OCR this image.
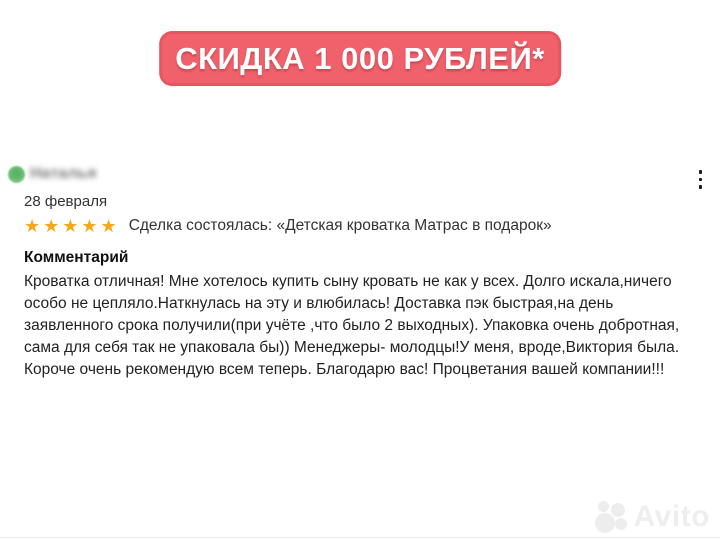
СКИДКА 1 000 РУБЛЕЙ*
Наталья
28 февраля
★★★★★ Сделка состоялась: «Детская кроватка Матрас в подарок»
Комментарий
Кроватка отличная! Мне хотелось купить сыну кровать не как у всех. Долго искала,ничего особо не цепляло.Наткнулась на эту и влюбилась! Доставка пэк быстрая,на день заявленного срока получили(при учёте ,что было 2 выходных). Упаковка очень добротная, сама для себя так не упаковала бы)) Менеджеры- молодцы!У меня, вроде,Виктория была. Короче очень рекомендую всем теперь. Благодарю вас! Процветания вашей компании!!!
Avito
